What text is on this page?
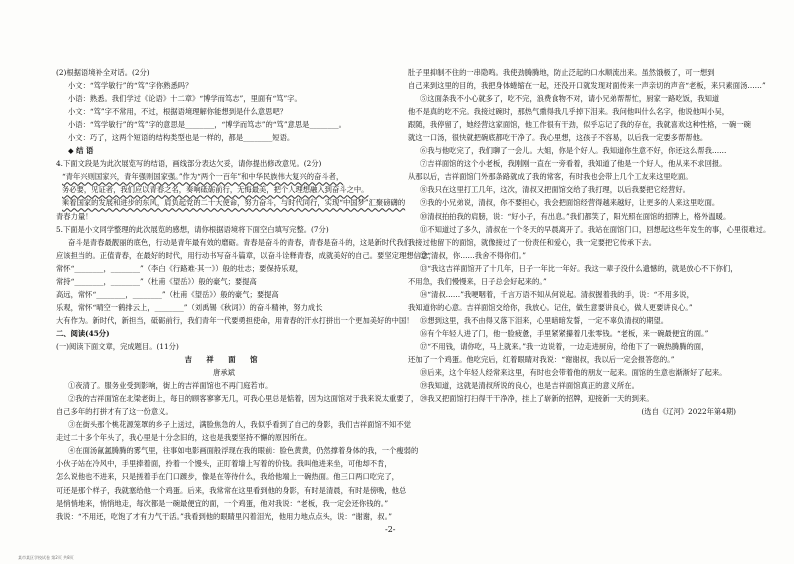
(2)根据语境补全对话。(2分)
小文：“笃学敏行”的“笃”字你熟悉吗？
小语：熟悉。我们学过《论语》十二章》“博学而笃志”，里面有“笃”字。
小文：“笃”字不常用，不过，根据语境理解你能想到是什么意思吧？
小语：“笃学敏行”的“笃”字的意思是________，“博学而笃志”的“笃”意思是________。
小文：巧了，这两个短语的结构类型也是一样的，都是________短语。
◆ 结 语
4.下面文段是为此次展览写的结语，画线部分表达欠妥，请你提出修改意见。(2分)
“青年兴则国家兴，青年强则国家强。”作为“两个一百年”和中华民族伟大复兴的奋斗者，
务必要，见证者，我们应以青春之名，奏响砥砺前行，无悔最美，把个人理想融入到奋斗之中。
乘着国家的发展和进步的东风，肩负起党的二十大使命，努力奋斗，与时代同行，实现“中国梦”汇聚磅礴的
青春力量！
5.下面是小文同学整理的此次展览的感想，请你根据语境将下面空白填写完整。(7分)
奋斗是青春最靓丽的底色，行动是青年最有效的磨砺。青春是奋斗的青春，青春是奋斗的，这是新时代我们
应该担当的。正值青春，在最好的时代，用行动书写奋斗篇章，以奋斗诠释青春，成就美好的自己。要坚定理想信念，
常怀“________，________”（李白《行路难·其一》）般的壮志；要保持乐观，
常持“________，________”（杜甫《望岳》）般的豪气；要提高
高远，常怀“________，________”（杜甫《望岳》）般的豪气；要提高
乐观，常怀“晴空一鹤排云上，________”（刘禹锡《秋词》）的奋斗精神，努力成长
大有作为。新时代，新担当，砥砺前行，我们青年一代要勇担使命，用青春的汗水打拼出一个更加美好的中国！
二、阅读(45分)
(一)阅读下面文章，完成题目。(11分)
吉 祥 面 馆
唐承斌
①夜清了。服务业受到影响，街上的吉祥面馆也不再门庭若市。
②我的吉祥面馆在北梁老街上，每日的顾客寥寥无几，可我心里总是惦着，因为这面馆对于我来说太重要了，
自己多年的打拼才有了这一份意义。
③在街头那个桃花源笼罩的乡子上送过，满脸焦急的人，我似乎看到了自己的身影，我们吉祥面馆不知不觉
走过二十多个年头了，我心里是十分念旧的，这也是我要坚持不懈的原因所在。
④在面汤氤氲腾腾的雾气里，往事如电影画面般浮现在我的眼前：脸色黄黄，仍然撑着身体的我，一个瘦弱的
小伙子站在冷风中，手里捧着面，拎着一个馒头，正盯着墙上写着的价钱。我叫他进来坐，可他却不肯，
怎么说他也不进来，只是搓着手在门口踱步，像是在等待什么，我给他端上一碗热面。他三口两口吃完了，
可还是那个样子，我就塞给他一个鸡蛋。后来，我常常在这里看到他的身影，有时是清晨，有时是傍晚，他总
是悄悄地来，悄悄地走，每次都是一碗最便宜的面，一个鸡蛋，他对我说：“老板，我一定会还你钱的。”
我说：“不用还，吃饱了才有力气干活。”我看到他的眼睛里闪着泪光，他用力地点点头，说：“谢谢，叔。”
肚子里抑制不住的一串隐鸣。我使劲腾腾地，防止泛起的口水顺流出来。虽然饿极了，可一想到
自己来到这里的目的，我把身体蜷缩在一起，还没开口就发现对面传来一声亲切的声音“老板，来只素面汤……”
⑤这面条我不小心就多了，吃不完，浪费食物不对，请小兄弟帮帮忙，厨家一路吃饭，我知道
他不是真的吃不完。我接过碗时，那热气熏得我几乎掉下泪来。我问他叫什么名字，他说他叫小吴，
跟随，我停留了，她经营这家面馆，他工作很有干劲，似乎忘记了我的存在，我就喜欢这种性格，一碗一碗
就这一口汤，很快就把碗底都吃干净了。我心里想，这孩子不容易，以后我一定要多帮帮他。
⑥我与他吃完了，我们聊了一会儿。大姐，你是个好人。我知道你生意不好，你还这么帮我……
⑦吉祥面馆的这个小老板，我刚刚一直在一旁看着，我知道了他是一个好人，他从来不求回报。
从那以后，吉祥面馆门外那条路就成了我的常客，有时我也会带上几个工友来这里吃面。
⑧我只在这里打工几年，这次，清叔又把面馆交给了我打理，以后我要把它经营好。
⑨我的小兄弟说，清叔，你不要担心，我会把面馆经营得越来越好，让更多的人来这里吃面。
⑩清叔拍拍我的肩膀，说：“好小子，有出息。”我们都笑了，阳光照在面馆的招牌上，格外温暖。
⑪不知道过了多久，清叔在一个冬天的早晨离开了。我站在面馆门口，回想起这些年发生的事，心里很难过。
我接过他留下的面馆，就像接过了一份责任和爱心，我一定要把它传承下去。
⑫“清叔，你……我舍不得你们。”
⑬“我这吉祥面馆开了十几年，日子一年比一年好。我这一辈子没什么遗憾的，就是放心不下你们，
不用急，我们慢慢来，日子总会好起来的。”
⑭“清叔……”我哽咽着，千言万语不知从何说起。清叔握着我的手，说：“不用多说，
我知道你的心意。吉祥面馆交给你，我放心。记住，做生意要讲良心，做人更要讲良心。”
⑮想到这里，我不由得又落下泪来，心里暗暗发誓，一定不辜负清叔的期望。
⑯有个年轻人进了门，他一脸疲惫，手里紧紧攥着几张零钱。“老板，来一碗最便宜的面。”
⑰“不用钱，请你吃，马上就来。”我一边说着，一边走进厨房，给他下了一碗热腾腾的面，
还加了一个鸡蛋。他吃完后，红着眼睛对我说：“谢谢叔，我以后一定会报答您的。”
⑱后来，这个年轻人经常来这里，有时也会带着他的朋友一起来。面馆的生意也渐渐好了起来。
⑲我知道，这就是清叔所说的良心，也是吉祥面馆真正的意义所在。
⑳我又把面馆打扫得干干净净，挂上了崭新的招牌，迎接新一天的到来。
(选自《辽河》2022年第4期)
-2-
某市某区学校试卷 第2页 共8页
